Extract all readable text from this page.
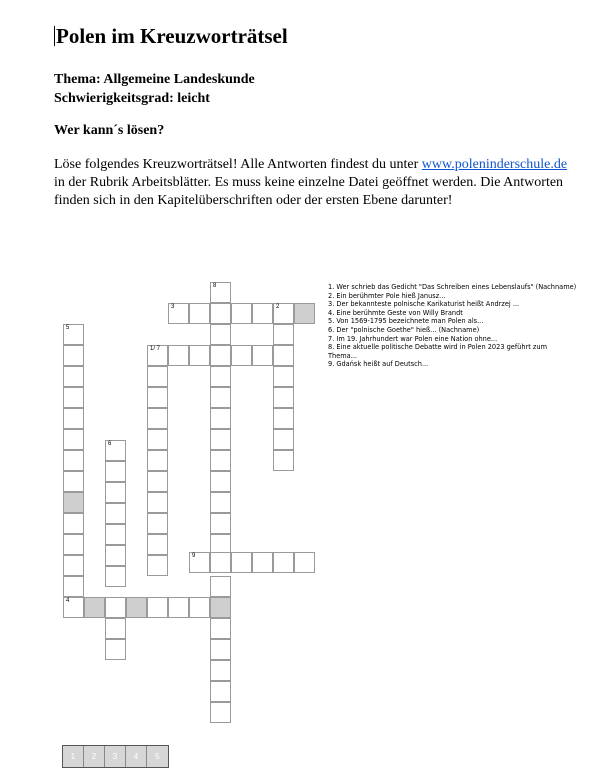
Polen im Kreuzworträtsel
Thema: Allgemeine Landeskunde
Schwierigkeitsgrad: leicht
Wer kann´s lösen?
Löse folgendes Kreuzworträtsel! Alle Antworten findest du unter www.poleninderschule.de in der Rubrik Arbeitsblätter. Es muss keine einzelne Datei geöffnet werden. Die Antworten finden sich in den Kapitelüberschriften oder der ersten Ebene darunter!
8
3	2
1/ 7
5
6
9
4
1. Wer schrieb das Gedicht "Das Schreiben eines Lebenslaufs" (Nachname)
2. Ein berühmter Pole hieß Janusz...
3. Der bekannteste polnische Karikaturist heißt Andrzej ...
4. Eine berühmte Geste von Willy Brandt
5. Von 1569-1795 bezeichnete man Polen als...
6. Der "polnische Goethe" hieß... (Nachname)
7. Im 19. Jahrhundert war Polen eine Nation ohne...
8. Eine aktuelle politische Debatte wird in Polen 2023 geführt zum Thema...
9. Gdańsk heißt auf Deutsch...
1	2	3	4	5
